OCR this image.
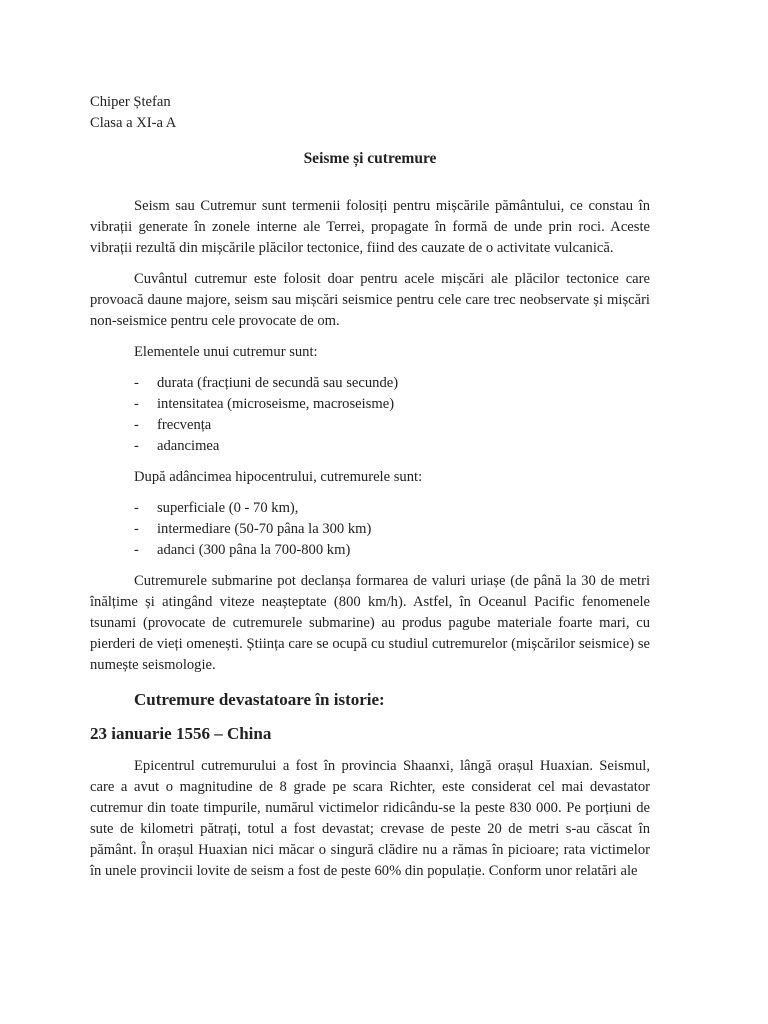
Chiper Ștefan

Clasa a XI-a A

Seisme și cutremure

Seism sau Cutremur sunt termenii folosiți pentru mișcările pământului, ce constau în vibrații generate în zonele interne ale Terrei, propagate în formă de unde prin roci. Aceste vibrații rezultă din mișcările plăcilor tectonice, fiind des cauzate de o activitate vulcanică.

Cuvântul cutremur este folosit doar pentru acele mișcări ale plăcilor tectonice care provoacă daune majore, seism sau mișcări seismice pentru cele care trec neobservate și mișcări non-seismice pentru cele provocate de om.

Elementele unui cutremur sunt:

- durata (fracțiuni de secundă sau secunde)
- intensitatea (microseisme, macroseisme)
- frecvența
- adancimea

După adâncimea hipocentrului, cutremurele sunt:

- superficiale (0 - 70 km),
- intermediare (50-70 pâna la 300 km)
- adanci (300 pâna la 700-800 km)

Cutremurele submarine pot declanșa formarea de valuri uriașe (de până la 30 de metri înălțime și atingând viteze neașteptate (800 km/h). Astfel, în Oceanul Pacific fenomenele tsunami (provocate de cutremurele submarine) au produs pagube materiale foarte mari, cu pierderi de vieți omenești. Știința care se ocupă cu studiul cutremurelor (mișcărilor seismice) se numește seismologie.

Cutremure devastatoare în istorie:
23 ianuarie 1556 – China

Epicentrul cutremurului a fost în provincia Shaanxi, lângă orașul Huaxian. Seismul, care a avut o magnitudine de 8 grade pe scara Richter, este considerat cel mai devastator cutremur din toate timpurile, numărul victimelor ridicându-se la peste 830 000. Pe porțiuni de sute de kilometri pătrați, totul a fost devastat; crevase de peste 20 de metri s-au căscat în pământ. În orașul Huaxian nici măcar o singură clădire nu a rămas în picioare; rata victimelor în unele provincii lovite de seism a fost de peste 60% din populație. Conform unor relatări ale
